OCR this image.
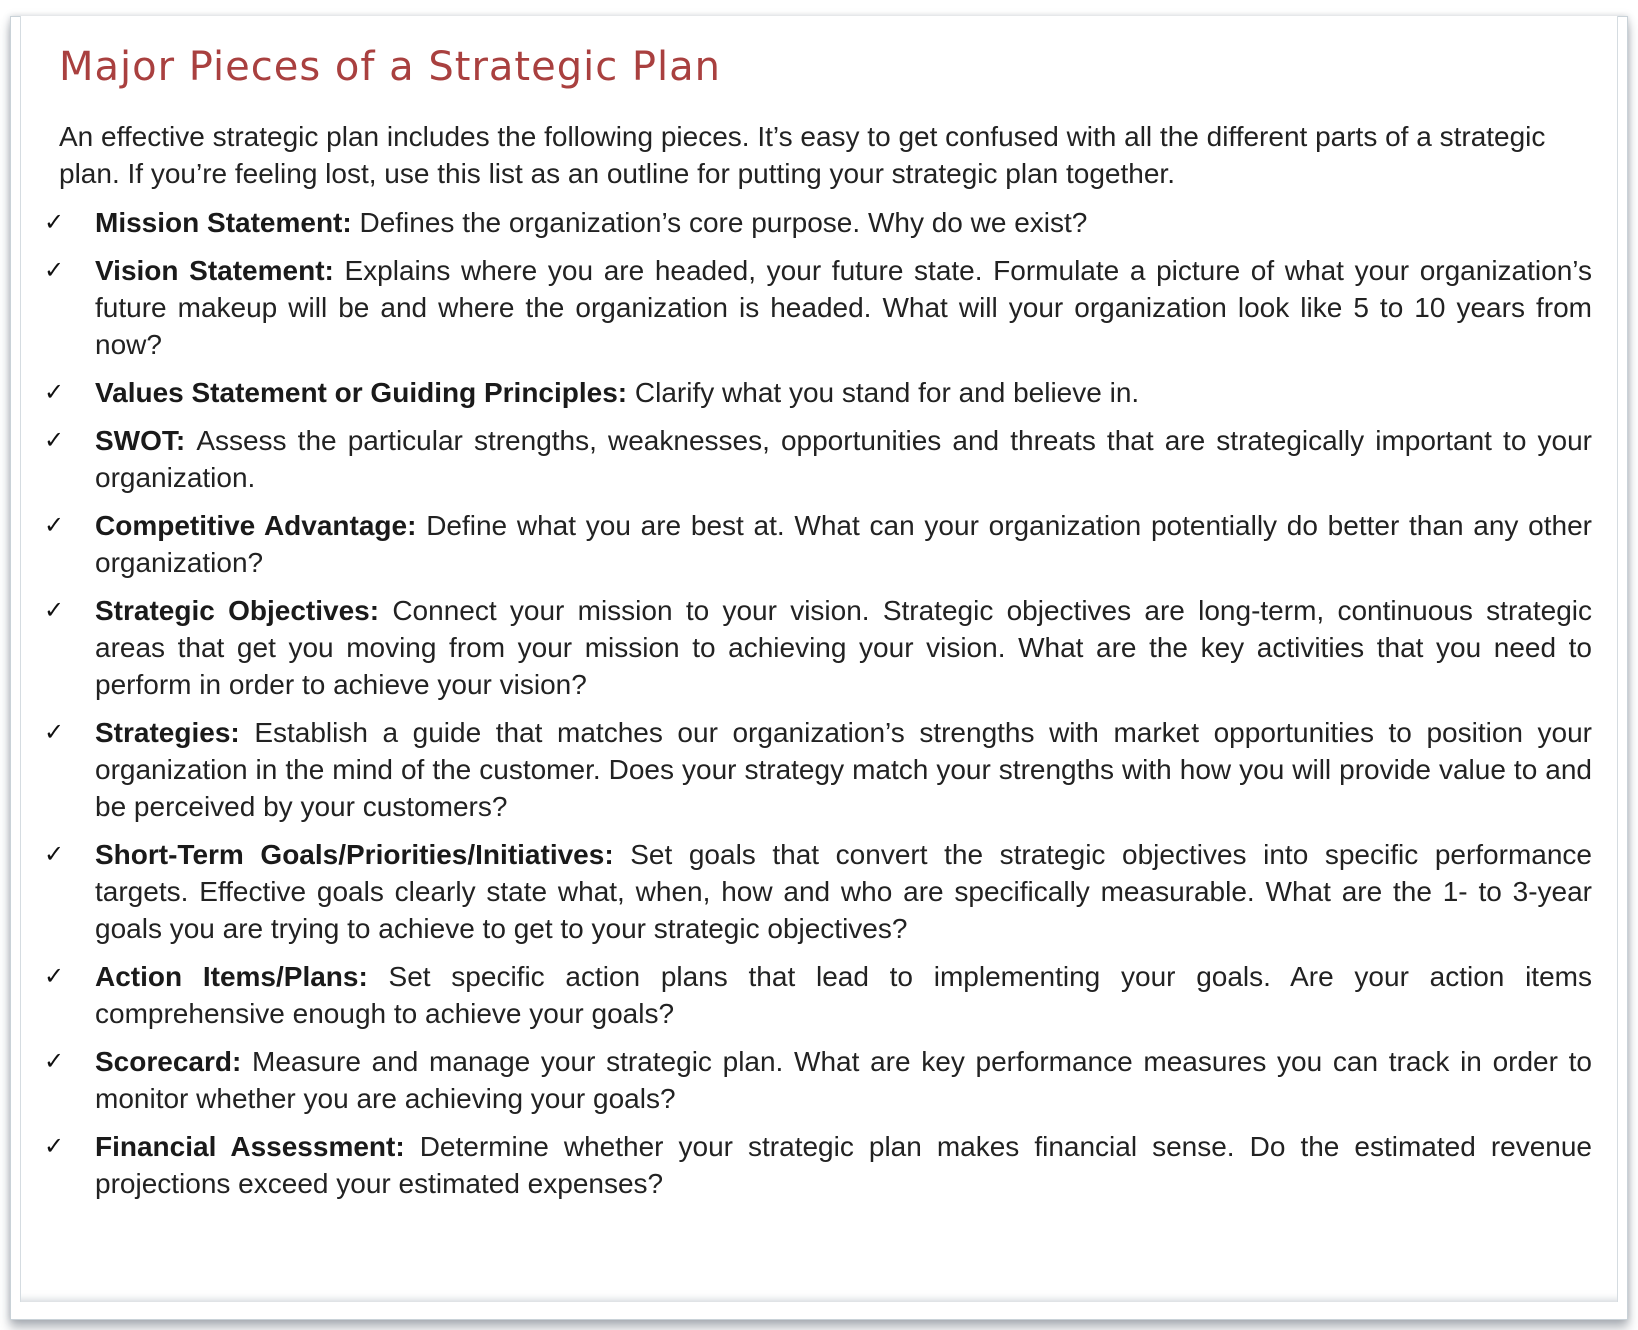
Major Pieces of a Strategic Plan

An effective strategic plan includes the following pieces. It’s easy to get confused with all the different parts of a strategic plan. If you’re feeling lost, use this list as an outline for putting your strategic plan together.

✓ Mission Statement: Defines the organization’s core purpose. Why do we exist?
✓ Vision Statement: Explains where you are headed, your future state. Formulate a picture of what your organization’s future makeup will be and where the organization is headed. What will your organization look like 5 to 10 years from now?
✓ Values Statement or Guiding Principles: Clarify what you stand for and believe in.
✓ SWOT: Assess the particular strengths, weaknesses, opportunities and threats that are strategically important to your organization.
✓ Competitive Advantage: Define what you are best at. What can your organization potentially do better than any other organization?
✓ Strategic Objectives: Connect your mission to your vision. Strategic objectives are long-term, continuous strategic areas that get you moving from your mission to achieving your vision. What are the key activities that you need to perform in order to achieve your vision?
✓ Strategies: Establish a guide that matches our organization’s strengths with market opportunities to position your organization in the mind of the customer. Does your strategy match your strengths with how you will provide value to and be perceived by your customers?
✓ Short-Term Goals/Priorities/Initiatives: Set goals that convert the strategic objectives into specific performance targets. Effective goals clearly state what, when, how and who are specifically measurable. What are the 1- to 3-year goals you are trying to achieve to get to your strategic objectives?
✓ Action Items/Plans: Set specific action plans that lead to implementing your goals. Are your action items comprehensive enough to achieve your goals?
✓ Scorecard: Measure and manage your strategic plan. What are key performance measures you can track in order to monitor whether you are achieving your goals?
✓ Financial Assessment: Determine whether your strategic plan makes financial sense. Do the estimated revenue projections exceed your estimated expenses?
